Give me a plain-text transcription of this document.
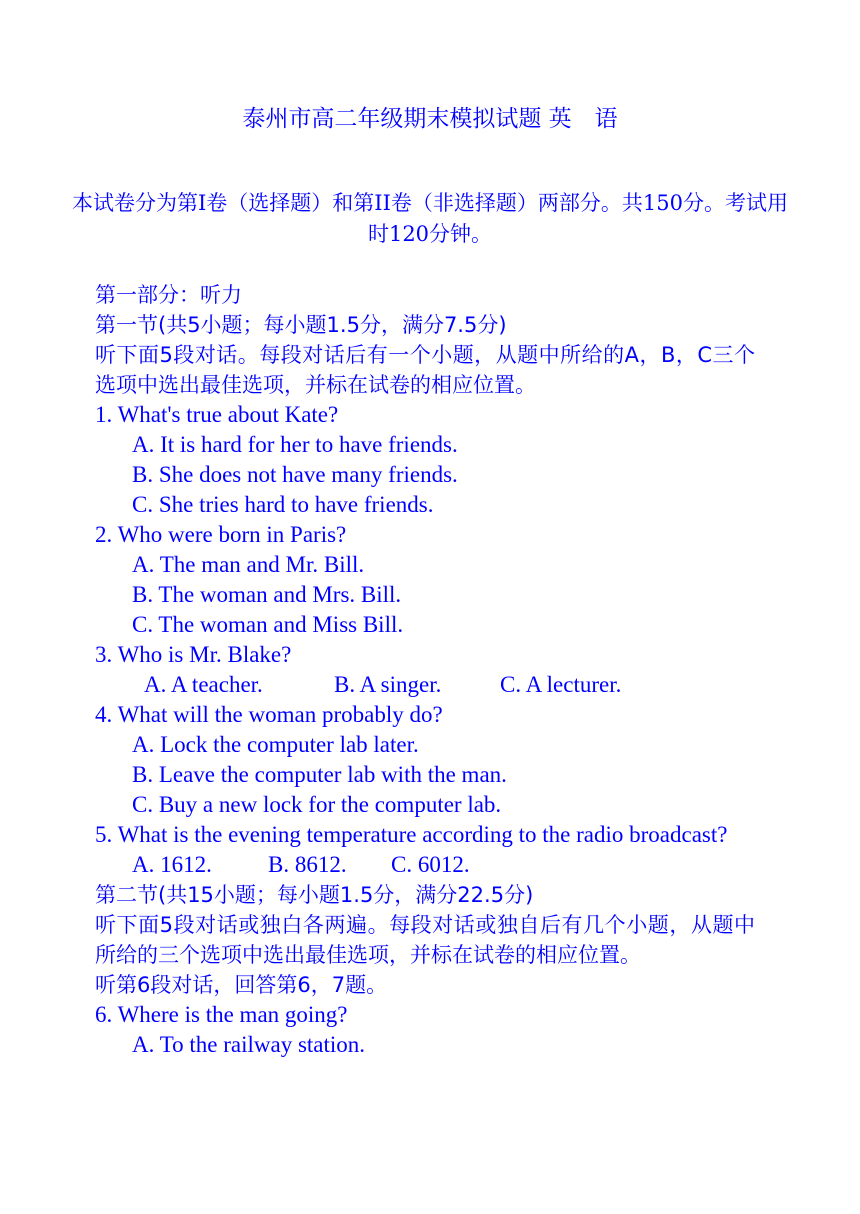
泰州市高二年级期末模拟试题 英　语
本试卷分为第Ⅰ卷（选择题）和第II卷（非选择题）两部分。共150分。考试用时120分钟。
第一部分：听力
第一节(共5小题；每小题1.5分，满分7.5分)
听下面5段对话。每段对话后有一个小题，从题中所给的A，B，C三个选项中选出最佳选项，并标在试卷的相应位置。
1. What's true about Kate?
A. It is hard for her to have friends.
B. She does not have many friends.
C. She tries hard to have friends.
2. Who were born in Paris?
A. The man and Mr. Bill.
B. The woman and Mrs. Bill.
C. The woman and Miss Bill.
3. Who is Mr. Blake?
A. A teacher.	B. A singer.	C. A lecturer.
4. What will the woman probably do?
A. Lock the computer lab later.
B. Leave the computer lab with the man.
C. Buy a new lock for the computer lab.
5. What is the evening temperature according to the radio broadcast?
A. 1612.	B. 8612.	C. 6012.
第二节(共15小题；每小题1.5分，满分22.5分)
听下面5段对话或独白各两遍。每段对话或独自后有几个小题，从题中所给的三个选项中选出最佳选项，并标在试卷的相应位置。
听第6段对话，回答第6，7题。
6. Where is the man going?
A. To the railway station.
